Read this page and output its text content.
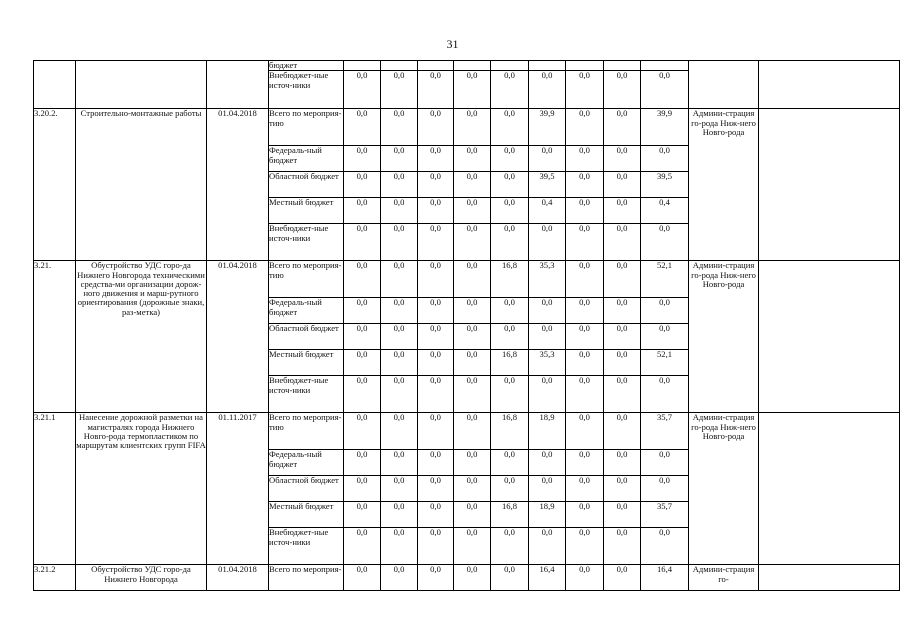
31
			бюджет											
			Внебюджет-ные источ-ники	0,0	0,0	0,0	0,0	0,0	0,0	0,0	0,0	0,0		
3.20.2.	Строительно-монтажные работы	01.04.2018	Всего по мероприя-тию	0,0	0,0	0,0	0,0	0,0	39,9	0,0	0,0	39,9	Админи-страция го-рода Ниж-него Новго-рода	
			Федераль-ный бюджет	0,0	0,0	0,0	0,0	0,0	0,0	0,0	0,0	0,0		
			Областной бюджет	0,0	0,0	0,0	0,0	0,0	39,5	0,0	0,0	39,5		
			Местный бюджет	0,0	0,0	0,0	0,0	0,0	0,4	0,0	0,0	0,4		
			Внебюджет-ные источ-ники	0,0	0,0	0,0	0,0	0,0	0,0	0,0	0,0	0,0		
3.21.	Обустройство УДС горо-да Нижнего Новгорода техническими средства-ми организации дорож-ного движения и марш-рутного ориентирования (дорожные знаки, раз-метка)	01.04.2018	Всего по мероприя-тию	0,0	0,0	0,0	0,0	16,8	35,3	0,0	0,0	52,1	Админи-страция го-рода Ниж-него Новго-рода	
			Федераль-ный бюджет	0,0	0,0	0,0	0,0	0,0	0,0	0,0	0,0	0,0		
			Областной бюджет	0,0	0,0	0,0	0,0	0,0	0,0	0,0	0,0	0,0		
			Местный бюджет	0,0	0,0	0,0	0,0	16,8	35,3	0,0	0,0	52,1		
			Внебюджет-ные источ-ники	0,0	0,0	0,0	0,0	0,0	0,0	0,0	0,0	0,0		
3.21.1	Нанесение дорожной разметки на магистралях города Нижнего Новго-рода термопластиком по маршрутам клиентских групп FIFA	01.11.2017	Всего по мероприя-тию	0,0	0,0	0,0	0,0	16,8	18,9	0,0	0,0	35,7	Админи-страция го-рода Ниж-него Новго-рода	
			Федераль-ный бюджет	0,0	0,0	0,0	0,0	0,0	0,0	0,0	0,0	0,0		
			Областной бюджет	0,0	0,0	0,0	0,0	0,0	0,0	0,0	0,0	0,0		
			Местный бюджет	0,0	0,0	0,0	0,0	16,8	18,9	0,0	0,0	35,7		
			Внебюджет-ные источ-ники	0,0	0,0	0,0	0,0	0,0	0,0	0,0	0,0	0,0		
3.21.2	Обустройство УДС горо-да Нижнего Новгорода	01.04.2018	Всего по мероприя-	0,0	0,0	0,0	0,0	0,0	16,4	0,0	0,0	16,4	Админи-страция го-	
